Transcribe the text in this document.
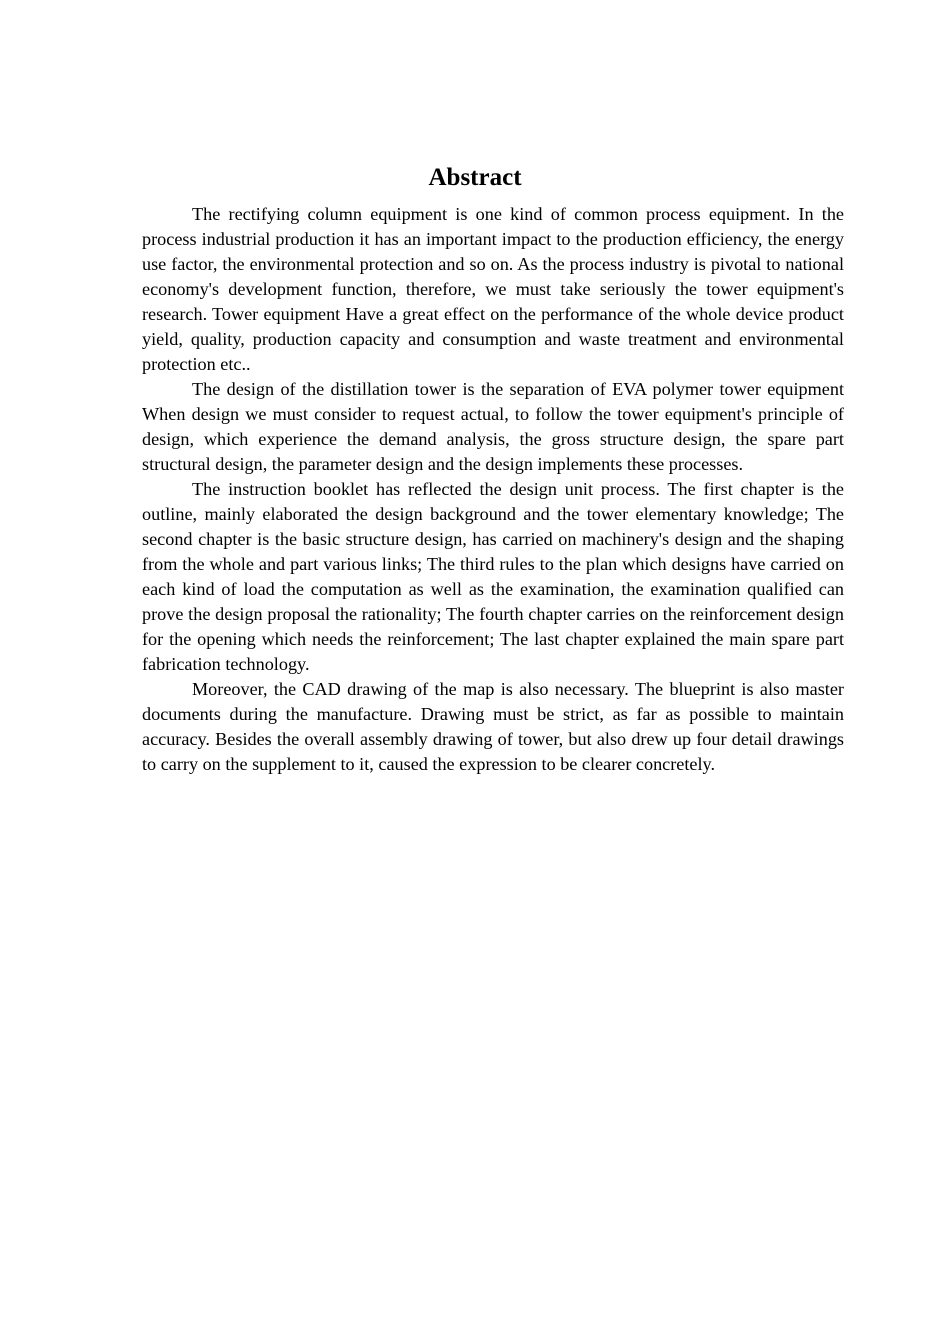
Abstract

The rectifying column equipment is one kind of common process equipment. In the process industrial production it has an important impact to the production efficiency, the energy use factor, the environmental protection and so on. As the process industry is pivotal to national economy's development function, therefore, we must take seriously the tower equipment's research. Tower equipment Have a great effect on the performance of the whole device product yield, quality, production capacity and consumption and waste treatment and environmental protection etc..

The design of the distillation tower is the separation of EVA polymer tower equipment When design we must consider to request actual, to follow the tower equipment's principle of design, which experience the demand analysis, the gross structure design, the spare part structural design, the parameter design and the design implements these processes.

The instruction booklet has reflected the design unit process. The first chapter is the outline, mainly elaborated the design background and the tower elementary knowledge; The second chapter is the basic structure design, has carried on machinery's design and the shaping from the whole and part various links; The third rules to the plan which designs have carried on each kind of load the computation as well as the examination, the examination qualified can prove the design proposal the rationality; The fourth chapter carries on the reinforcement design for the opening which needs the reinforcement; The last chapter explained the main spare part fabrication technology.

Moreover, the CAD drawing of the map is also necessary. The blueprint is also master documents during the manufacture. Drawing must be strict, as far as possible to maintain accuracy. Besides the overall assembly drawing of tower, but also drew up four detail drawings to carry on the supplement to it, caused the expression to be clearer concretely.
